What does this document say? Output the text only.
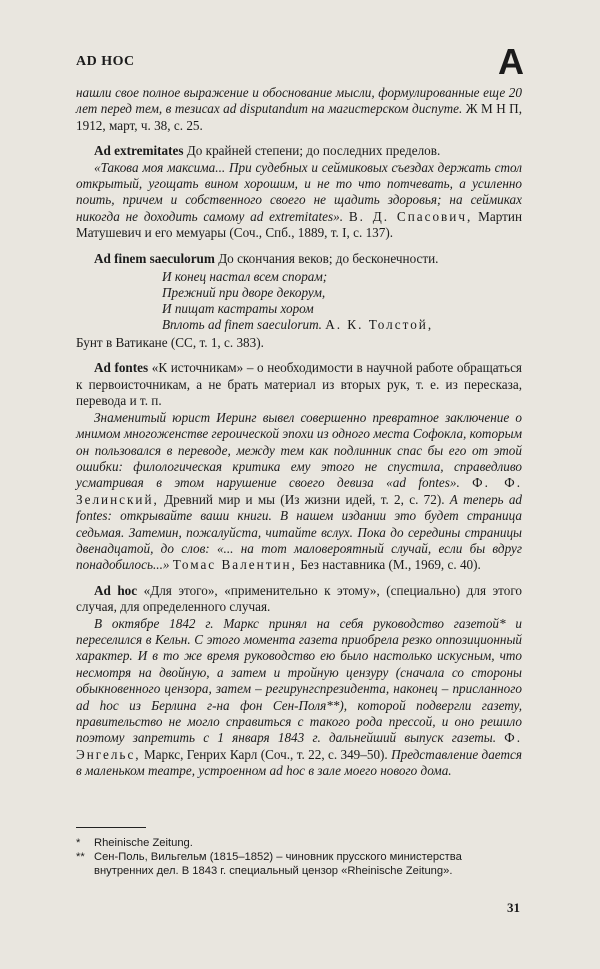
AD HOC	A

нашли свое полное выражение и обоснование мысли, формулированные еще 20 лет перед тем, в тезисах ad disputandum на магистерском диспуте. Ж М Н П, 1912, март, ч. 38, с. 25.

Ad extremitates До крайней степени; до последних пределов.

«Такова моя максима... При судебных и сеймиковых съездах держать стол открытый, угощать вином хорошим, и не то что потчевать, а усиленно поить, причем и собственного своего не щадить здоровья; на сеймиках никогда не доходить самому ad extremitates». В. Д. Спасович, Мартин Матушевич и его мемуары (Соч., Спб., 1889, т. I, с. 137).

Ad finem saeculorum До скончания веков; до бесконечности.

И конец настал всем спорам;
Прежний при дворе декорум,
И пищат кастраты хором
Вплоть ad finem saeculorum. А. К. Толстой,

Бунт в Ватикане (СС, т. 1, с. 383).

Ad fontes «К источникам» – о необходимости в научной работе обращаться к первоисточникам, а не брать материал из вторых рук, т. е. из пересказа, перевода и т. п.

Знаменитый юрист Иеринг вывел совершенно превратное заключение о мнимом многоженстве героической эпохи из одного места Софокла, которым он пользовался в переводе, между тем как подлинник спас бы его от этой ошибки: филологическая критика ему этого не спустила, справедливо усматривая в этом нарушение своего девиза «ad fontes». Ф. Ф. Зелинский, Древний мир и мы (Из жизни идей, т. 2, с. 72). А теперь ad fontes: открывайте ваши книги. В нашем издании это будет страница седьмая. Затемин, пожалуйста, читайте вслух. Пока до середины страницы двенадцатой, до слов: «... на тот маловероятный случай, если бы вдруг понадобилось...» Томас Валентин, Без наставника (М., 1969, с. 40).

Ad hoc «Для этого», «применительно к этому», (специально) для этого случая, для определенного случая.

В октябре 1842 г. Маркс принял на себя руководство газетой* и переселился в Кельн. С этого момента газета приобрела резко оппозиционный характер. И в то же время руководство ею было настолько искусным, что несмотря на двойную, а затем и тройную цензуру (сначала со стороны обыкновенного цензора, затем – регирунгспрезидента, наконец – присланного ad hoc из Берлина г-на фон Сен-Поля**), которой подвергли газету, правительство не могло справиться с такого рода прессой, и оно решило поэтому запретить с 1 января 1843 г. дальнейший выпуск газеты. Ф. Энгельс, Маркс, Генрих Карл (Соч., т. 22, с. 349–50). Представление дается в маленьком театре, устроенном ad hoc в зале моего нового дома.

* Rheinische Zeitung.
** Сен-Поль, Вильгельм (1815–1852) – чиновник прусского министерства внутренних дел. В 1843 г. специальный цензор «Rheinische Zeitung».
31
